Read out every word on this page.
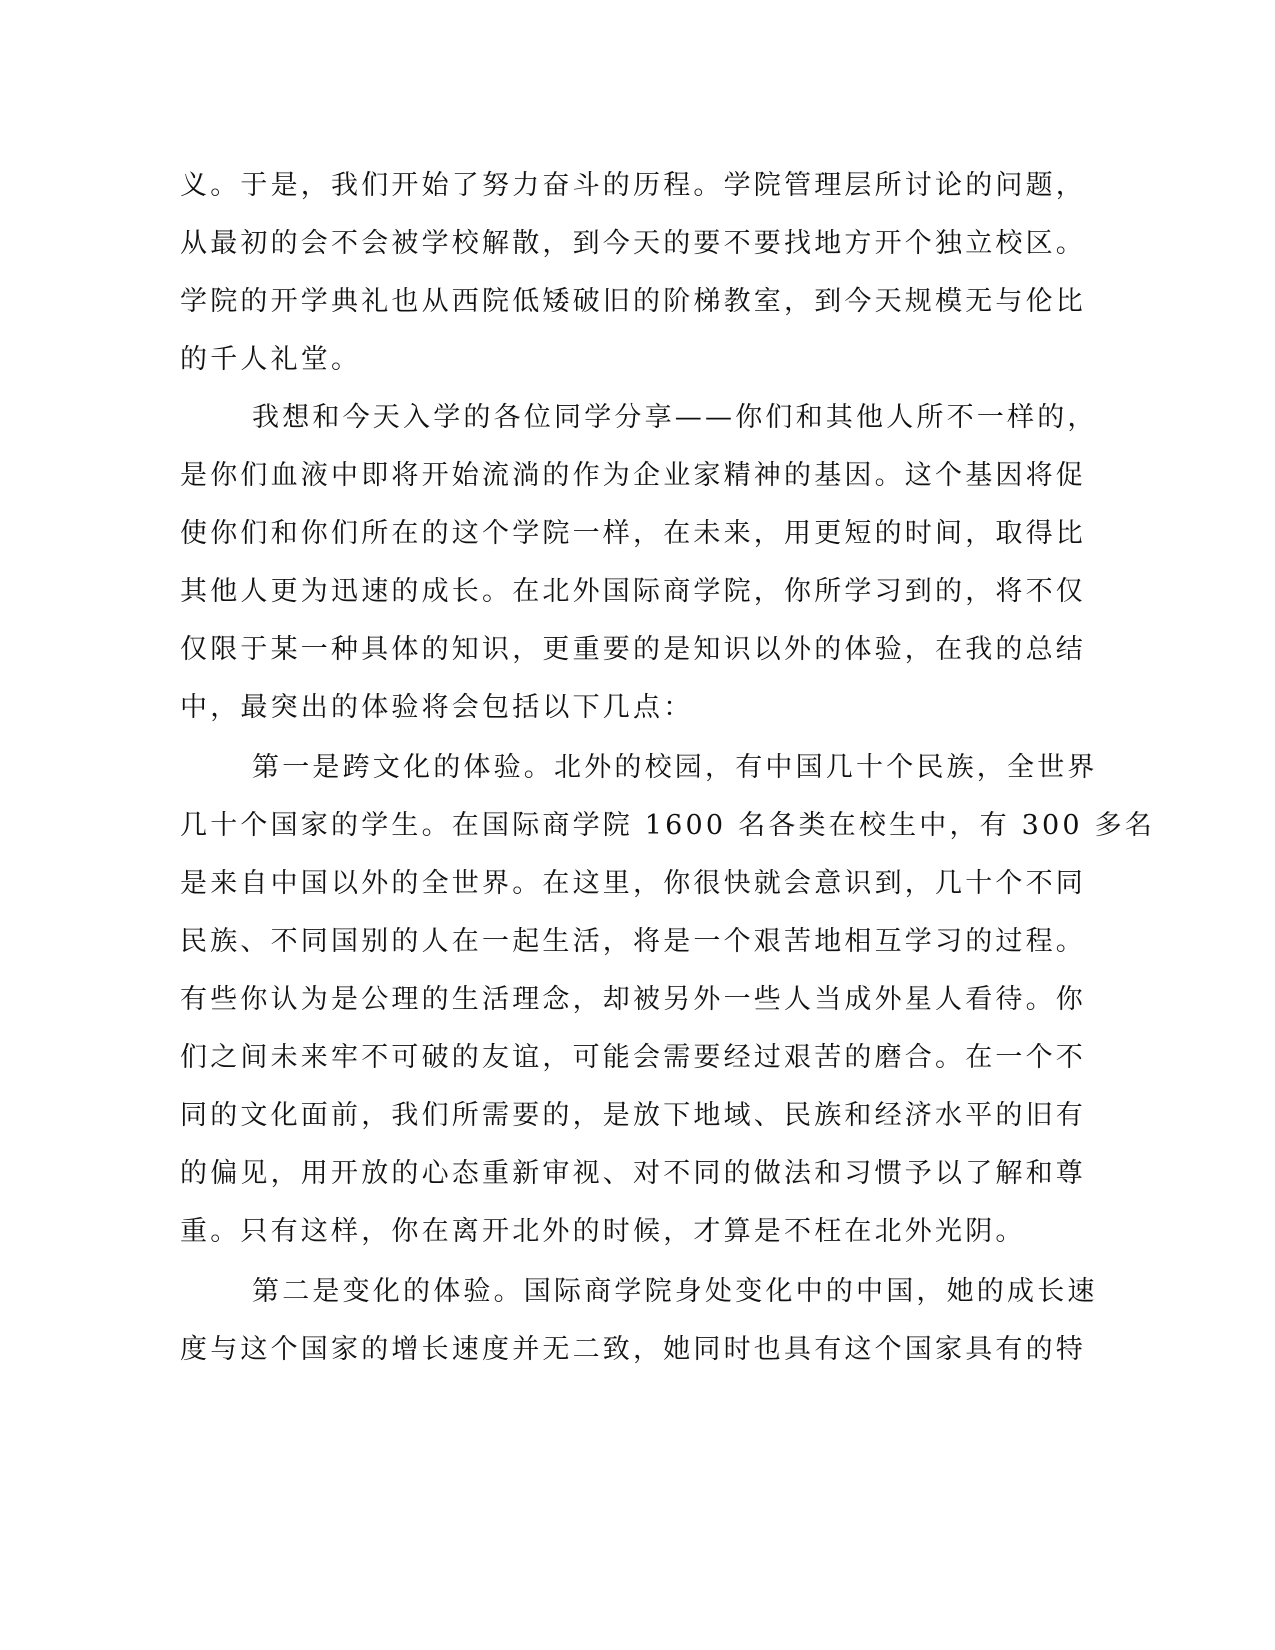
义。于是，我们开始了努力奋斗的历程。学院管理层所讨论的问题，
从最初的会不会被学校解散，到今天的要不要找地方开个独立校区。
学院的开学典礼也从西院低矮破旧的阶梯教室，到今天规模无与伦比
的千人礼堂。
我想和今天入学的各位同学分享——你们和其他人所不一样的，
是你们血液中即将开始流淌的作为企业家精神的基因。这个基因将促
使你们和你们所在的这个学院一样，在未来，用更短的时间，取得比
其他人更为迅速的成长。在北外国际商学院，你所学习到的，将不仅
仅限于某一种具体的知识，更重要的是知识以外的体验，在我的总结
中，最突出的体验将会包括以下几点：
第一是跨文化的体验。北外的校园，有中国几十个民族，全世界
几十个国家的学生。在国际商学院 1600 名各类在校生中，有 300 多名
是来自中国以外的全世界。在这里，你很快就会意识到，几十个不同
民族、不同国别的人在一起生活，将是一个艰苦地相互学习的过程。
有些你认为是公理的生活理念，却被另外一些人当成外星人看待。你
们之间未来牢不可破的友谊，可能会需要经过艰苦的磨合。在一个不
同的文化面前，我们所需要的，是放下地域、民族和经济水平的旧有
的偏见，用开放的心态重新审视、对不同的做法和习惯予以了解和尊
重。只有这样，你在离开北外的时候，才算是不枉在北外光阴。
第二是变化的体验。国际商学院身处变化中的中国，她的成长速
度与这个国家的增长速度并无二致，她同时也具有这个国家具有的特
